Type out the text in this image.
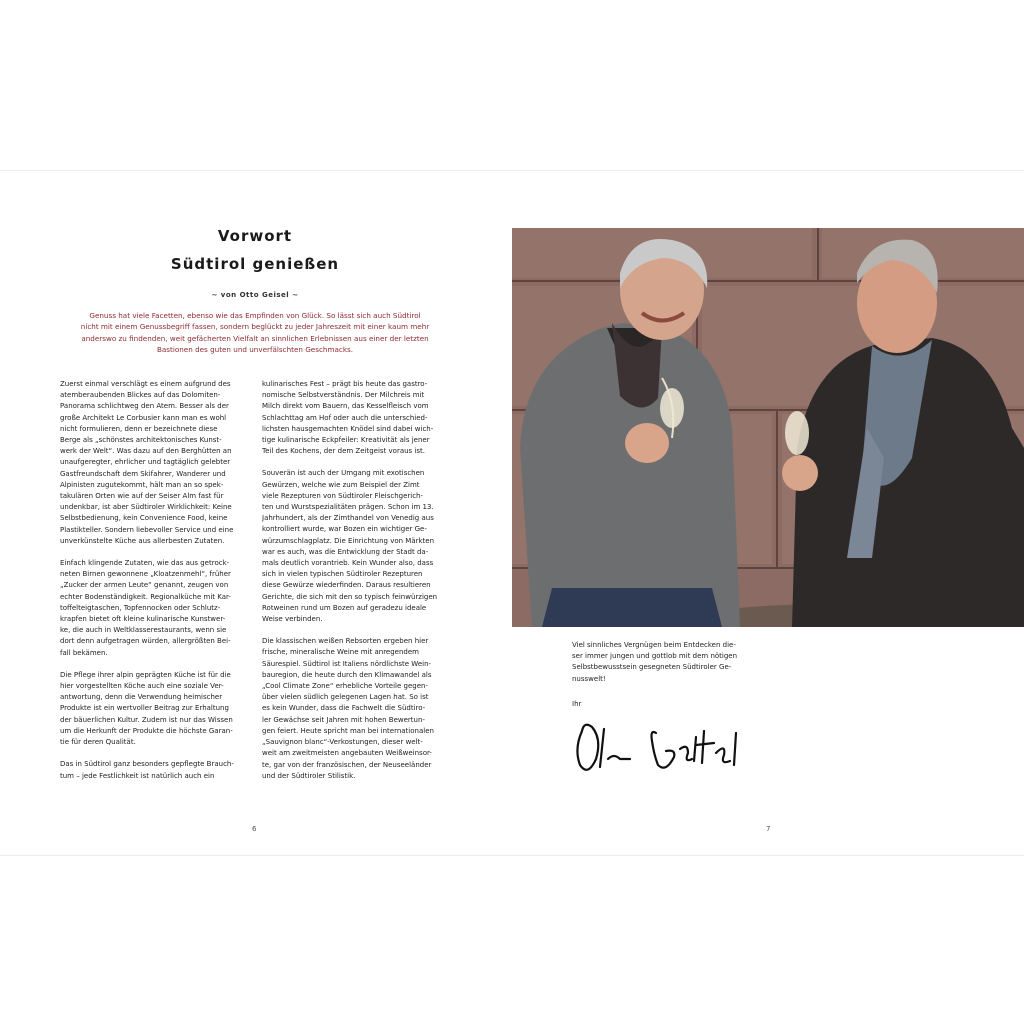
Vorwort
Südtirol genießen
~ von Otto Geisel ~
Genuss hat viele Facetten, ebenso wie das Empfinden von Glück. So lässt sich auch Südtirol
nicht mit einem Genussbegriff fassen, sondern beglückt zu jeder Jahreszeit mit einer kaum mehr
anderswo zu findenden, weit gefächerten Vielfalt an sinnlichen Erlebnissen aus einer der letzten
Bastionen des guten und unverfälschten Geschmacks.

Zuerst einmal verschlägt es einem aufgrund des
atemberaubenden Blickes auf das Dolomiten-
Panorama schlichtweg den Atem. Besser als der
große Architekt Le Corbusier kann man es wohl
nicht formulieren, denn er bezeichnete diese
Berge als „schönstes architektonisches Kunst-
werk der Welt“. Was dazu auf den Berghütten an
unaufgeregter, ehrlicher und tagtäglich gelebter
Gastfreundschaft dem Skifahrer, Wanderer und
Alpinisten zugutekommt, hält man an so spek-
takulären Orten wie auf der Seiser Alm fast für
undenkbar, ist aber Südtiroler Wirklichkeit: Keine
Selbstbedienung, kein Convenience Food, keine
Plastikteller. Sondern liebevoller Service und eine
unverkünstelte Küche aus allerbesten Zutaten.

Einfach klingende Zutaten, wie das aus getrock-
neten Birnen gewonnene „Kloatzenmehl“, früher
„Zucker der armen Leute“ genannt, zeugen von
echter Bodenständigkeit. Regionalküche mit Kar-
toffelteigtaschen, Topfennocken oder Schlutz-
krapfen bietet oft kleine kulinarische Kunstwer-
ke, die auch in Weltklasserestaurants, wenn sie
dort denn aufgetragen würden, allergrößten Bei-
fall bekämen.

Die Pflege ihrer alpin geprägten Küche ist für die
hier vorgestellten Köche auch eine soziale Ver-
antwortung, denn die Verwendung heimischer
Produkte ist ein wertvoller Beitrag zur Erhaltung
der bäuerlichen Kultur. Zudem ist nur das Wissen
um die Herkunft der Produkte die höchste Garan-
tie für deren Qualität.

Das in Südtirol ganz besonders gepflegte Brauch-
tum – jede Festlichkeit ist natürlich auch ein

kulinarisches Fest – prägt bis heute das gastro-
nomische Selbstverständnis. Der Milchreis mit
Milch direkt vom Bauern, das Kesselfleisch vom
Schlachttag am Hof oder auch die unterschied-
lichsten hausgemachten Knödel sind dabei wich-
tige kulinarische Eckpfeiler: Kreativität als jener
Teil des Kochens, der dem Zeitgeist voraus ist.

Souverän ist auch der Umgang mit exotischen
Gewürzen, welche wie zum Beispiel der Zimt
viele Rezepturen von Südtiroler Fleischgerich-
ten und Wurstspezialitäten prägen. Schon im 13.
Jahrhundert, als der Zimthandel von Venedig aus
kontrolliert wurde, war Bozen ein wichtiger Ge-
würzumschlagplatz. Die Einrichtung von Märkten
war es auch, was die Entwicklung der Stadt da-
mals deutlich vorantrieb. Kein Wunder also, dass
sich in vielen typischen Südtiroler Rezepturen
diese Gewürze wiederfinden. Daraus resultieren
Gerichte, die sich mit den so typisch feinwürzigen
Rotweinen rund um Bozen auf geradezu ideale
Weise verbinden.

Die klassischen weißen Rebsorten ergeben hier
frische, mineralische Weine mit anregendem
Säurespiel. Südtirol ist Italiens nördlichste Wein-
bauregion, die heute durch den Klimawandel als
„Cool Climate Zone“ erhebliche Vorteile gegen-
über vielen südlich gelegenen Lagen hat. So ist
es kein Wunder, dass die Fachwelt die Südtiro-
ler Gewächse seit Jahren mit hohen Bewertun-
gen feiert. Heute spricht man bei internationalen
„Sauvignon blanc“-Verkostungen, dieser welt-
weit am zweitmeisten angebauten Weißweinsor-
te, gar von der französischen, der Neuseeländer
und der Südtiroler Stilistik.

6	7
Viel sinnliches Vergnügen beim Entdecken die-
ser immer jungen und gottlob mit dem nötigen
Selbstbewusstsein gesegneten Südtiroler Ge-
nusswelt!
Ihr
